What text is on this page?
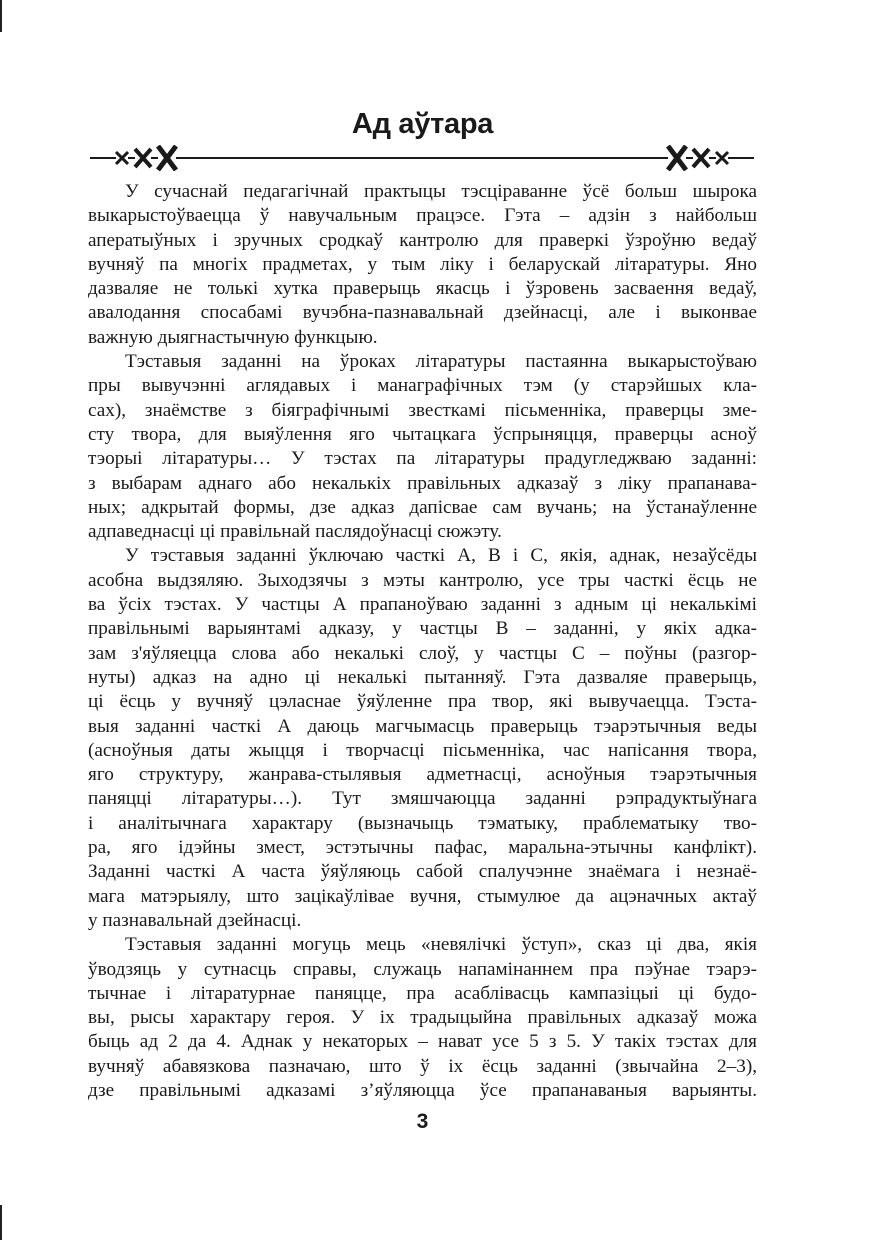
Ад аўтара
У сучаснай педагагічнай практыцы тэсціраванне ўсё больш шырока
выкарыстоўваецца ў навучальным працэсе. Гэта – адзін з найбольш
аператыўных і зручных сродкаў кантролю для праверкі ўзроўню ведаў
вучняў па многіх прадметах, у тым ліку і беларускай літаратуры. Яно
дазваляе не толькі хутка праверыць якасць і ўзровень засваення ведаў,
авалодання спосабамі вучэбна-пазнавальнай дзейнасці, але і выконвае
важную дыягнастычную функцыю.
Тэставыя заданні на ўроках літаратуры пастаянна выкарыстоўваю
пры вывучэнні аглядавых і манаграфічных тэм (у старэйшых кла-
сах), знаёмстве з біяграфічнымі звесткамі пісьменніка, праверцы зме-
сту твора, для выяўлення яго чытацкага ўспрыняцця, праверцы асноў
тэорыі літаратуры… У тэстах па літаратуры прадугледжваю заданні:
з выбарам аднаго або некалькіх правільных адказаў з ліку прапанава-
ных; адкрытай формы, дзе адказ дапісвае сам вучань; на ўстанаўленне
адпаведнасці ці правільнай паслядоўнасці сюжэту.
У тэставыя заданні ўключаю часткі А, В і С, якія, аднак, незаўсёды
асобна выдзяляю. Зыходзячы з мэты кантролю, усе тры часткі ёсць не
ва ўсіх тэстах. У частцы А прапаноўваю заданні з адным ці некалькімі
правільнымі варыянтамі адказу, у частцы В – заданні, у якіх адка-
зам з'яўляецца слова або некалькі слоў, у частцы С – поўны (разгор-
нуты) адказ на адно ці некалькі пытанняў. Гэта дазваляе праверыць,
ці ёсць у вучняў цэласнае ўяўленне пра твор, які вывучаецца. Тэста-
выя заданні часткі А даюць магчымасць праверыць тэарэтычныя веды
(асноўныя даты жыцця і творчасці пісьменніка, час напісання твора,
яго структуру, жанрава-стылявыя адметнасці, асноўныя тэарэтычныя
паняцці літаратуры…). Тут змяшчаюцца заданні рэпрадуктыўнага
і аналітычнага характару (вызначыць тэматыку, праблематыку тво-
ра, яго ідэйны змест, эстэтычны пафас, маральна-этычны канфлікт).
Заданні часткі А часта ўяўляюць сабой спалучэнне знаёмага і незнаё-
мага матэрыялу, што зацікаўлівае вучня, стымулюе да ацэначных актаў
у пазнавальнай дзейнасці.
Тэставыя заданні могуць мець «невялічкі ўступ», сказ ці два, якія
ўводзяць у сутнасць справы, служаць напамінаннем пра пэўнае тэарэ-
тычнае і літаратурнае паняцце, пра асаблівасць кампазіцыі ці будо-
вы, рысы характару героя. У іх традыцыйна правільных адказаў можа
быць ад 2 да 4. Аднак у некаторых – нават усе 5 з 5. У такіх тэстах для
вучняў абавязкова пазначаю, што ў іх ёсць заданні (звычайна 2–3),
дзе правільнымі адказамі з’яўляюцца ўсе прапанаваныя варыянты.
3
